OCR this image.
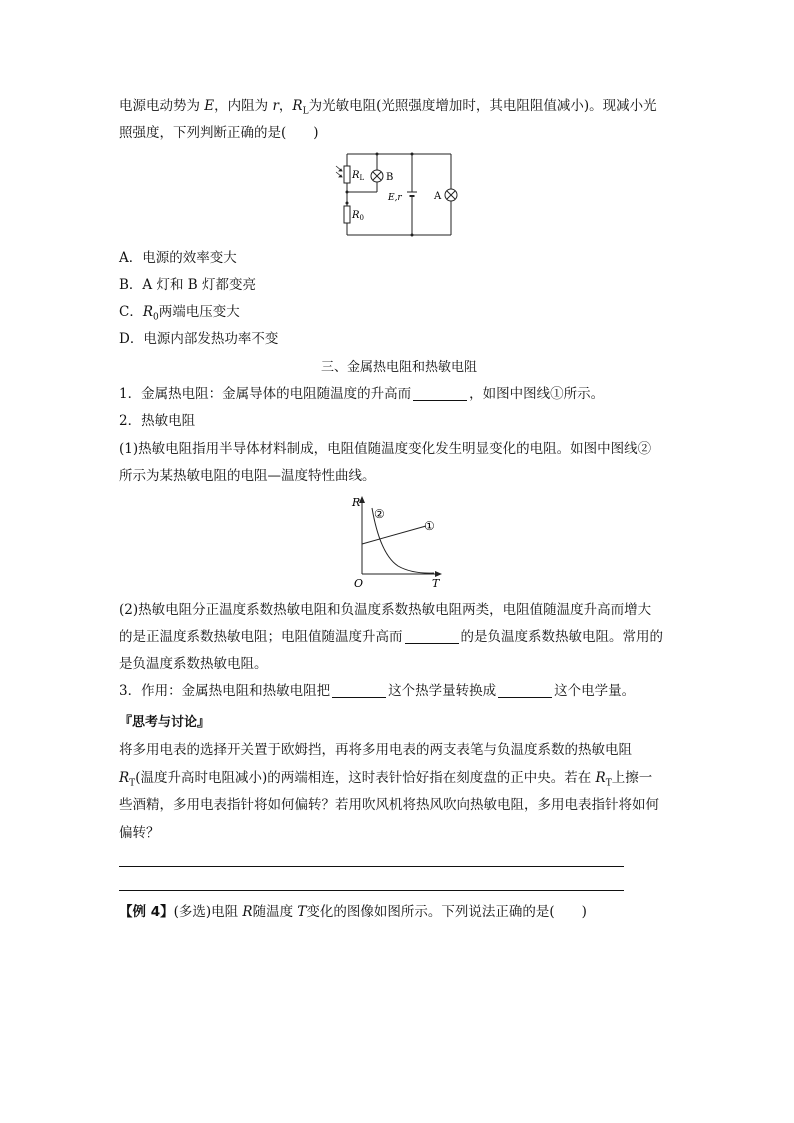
电源电动势为 E，内阻为 r，$R_L$为光敏电阻(光照强度增加时，其电阻阻值减小)。现减小光
照强度，下列判断正确的是(　　)
$R_L$ B
E,r	A
$R_0$
A．电源的效率变大
B．A 灯和 B 灯都变亮
C．$R_0$两端电压变大
D．电源内部发热功率不变
三、金属热电阻和热敏电阻
1．金属热电阻：金属导体的电阻随温度的升高而	，如图中图线①所示。
2．热敏电阻
(1)热敏电阻指用半导体材料制成，电阻值随温度变化发生明显变化的电阻。如图中图线②
所示为某热敏电阻的电阻—温度特性曲线。
R
O	T
②
①
(2)热敏电阻分正温度系数热敏电阻和负温度系数热敏电阻两类，电阻值随温度升高而增大
的是正温度系数热敏电阻；电阻值随温度升高而	的是负温度系数热敏电阻。常用的
是负温度系数热敏电阻。
3．作用：金属热电阻和热敏电阻把	这个热学量转换成	这个电学量。
『思考与讨论』
将多用电表的选择开关置于欧姆挡，再将多用电表的两支表笔与负温度系数的热敏电阻
$R_T$(温度升高时电阻减小)的两端相连，这时表针恰好指在刻度盘的正中央。若在 $R_T$上擦一
些酒精，多用电表指针将如何偏转？若用吹风机将热风吹向热敏电阻，多用电表指针将如何
偏转？
【例 4】(多选)电阻 R随温度 T变化的图像如图所示。下列说法正确的是(　　)
